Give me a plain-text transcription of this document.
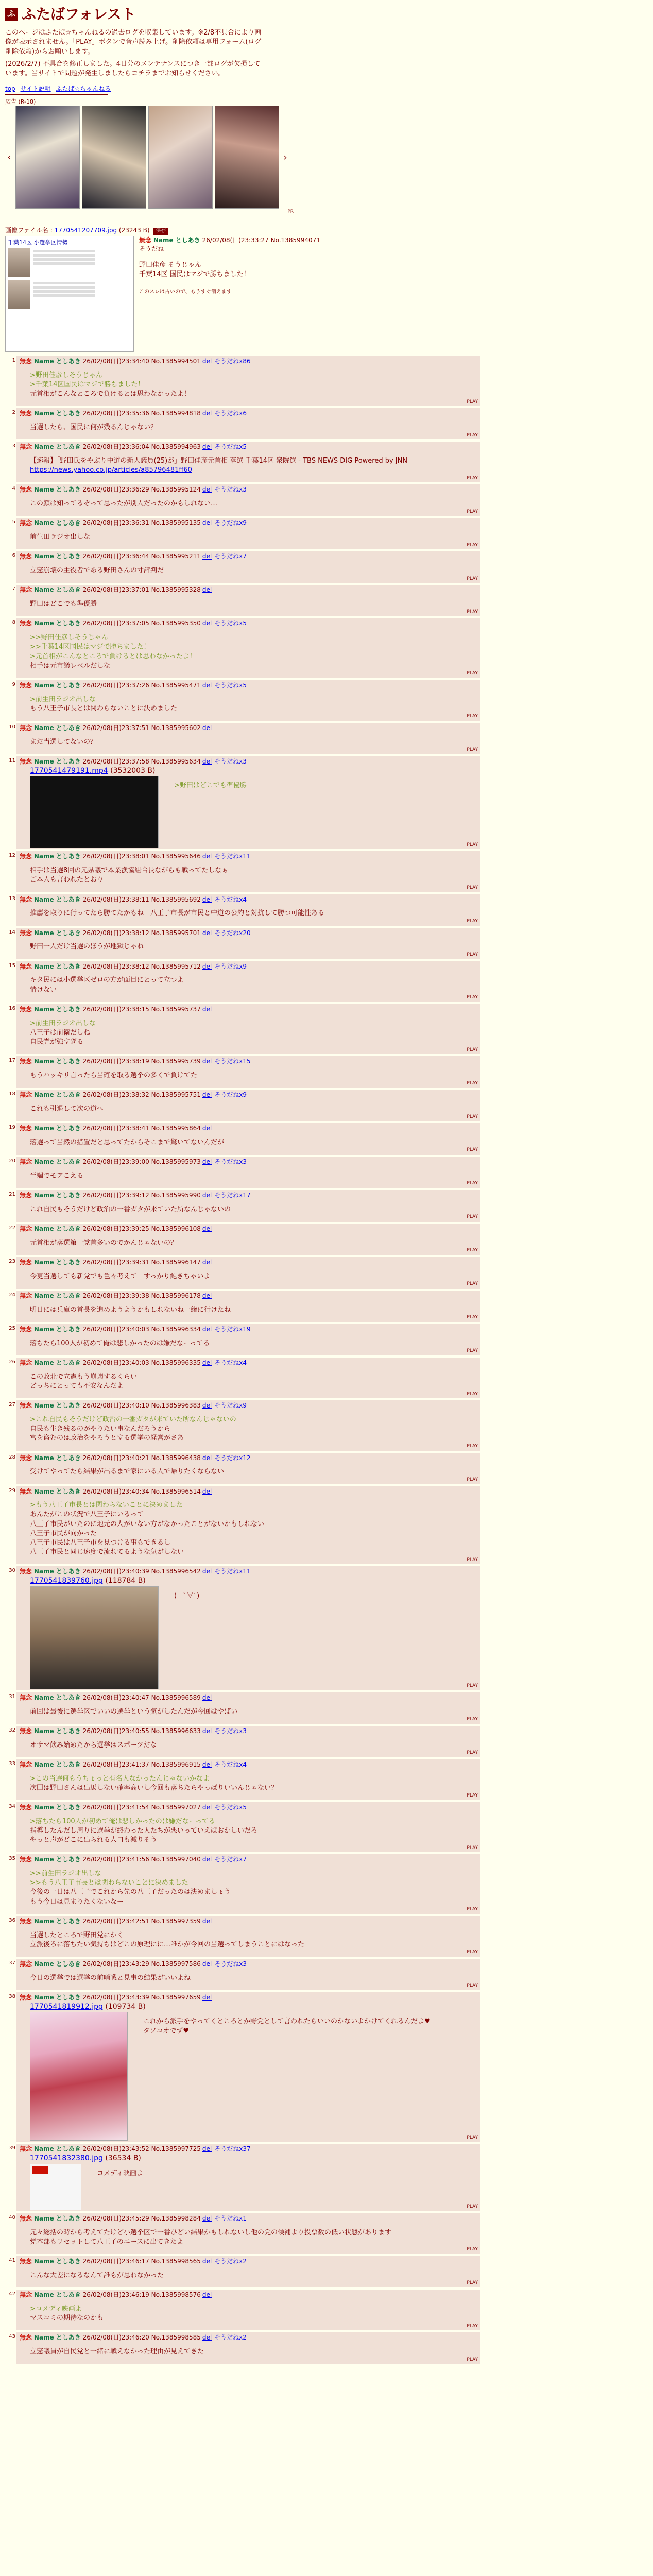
ふ ふたばフォレスト

このページはふたば☆ちゃんねるの過去ログを収集しています。※2/8不具合により画像が表示されません。「PLAY」ボタンで音声読み上げ。削除依頼は専用フォーム(ログ削除依頼)からお願いします。

(2026/2/7) 不具合を修正しました。4日分のメンテナンスにつき一部ログが欠損しています。当サイトで問題が発生しましたらコチラまでお知らせください。

top サイト説明 ふたば☆ちゃんねる
広告 (R-18)
‹	›
PR
画像ファイル名 : 1770541207709.jpg (23243 B) 保存
千葉14区 小選挙区情勢	無念 Name としあき 26/02/08(日)23:33:27 No.1385994071
そうだね
野田佳彦 そうじゃん
千葉14区 国民はマジで勝ちました！
このスレは古いので、もうすぐ消えます
1 無念 Name としあき 26/02/08(日)23:34:40 No.1385994501 del そうだねx86
>野田佳彦しそうじゃん
>千葉14区国民はマジで勝ちました！
元首相がこんなところで負けるとは思わなかったよ！
PLAY
2 無念 Name としあき 26/02/08(日)23:35:36 No.1385994818 del そうだねx6
当選したら、国民に何が残るんじゃない？
PLAY
3 無念 Name としあき 26/02/08(日)23:36:04 No.1385994963 del そうだねx5
【速報】「野田氏をやぶり中道の新人議員(25)が」野田佳彦元首相 落選 千葉14区 衆院選 - TBS NEWS DIG Powered by JNN
https://news.yahoo.co.jp/articles/a85796481ff60
PLAY
4 無念 Name としあき 26/02/08(日)23:36:29 No.1385995124 del そうだねx3
この顔は知ってるぞって思ったが別人だったのかもしれない…
PLAY
5 無念 Name としあき 26/02/08(日)23:36:31 No.1385995135 del そうだねx9
前生田ラジオ出しな
PLAY
6 無念 Name としあき 26/02/08(日)23:36:44 No.1385995211 del そうだねx7
立憲崩壊の主役者である野田さんの寸評判だ
PLAY
7 無念 Name としあき 26/02/08(日)23:37:01 No.1385995328 del
野田はどこでも準優勝
PLAY
8 無念 Name としあき 26/02/08(日)23:37:05 No.1385995350 del そうだねx5
>>野田佳彦しそうじゃん
>>千葉14区国民はマジで勝ちました！
>元首相がこんなところで負けるとは思わなかったよ！
相手は元市議レベルだしな
PLAY
9 無念 Name としあき 26/02/08(日)23:37:26 No.1385995471 del そうだねx5
>前生田ラジオ出しな
もう八王子市長とは関わらないことに決めました
PLAY
10 無念 Name としあき 26/02/08(日)23:37:51 No.1385995602 del
まだ当選してないの？
PLAY
11 無念 Name としあき 26/02/08(日)23:37:58 No.1385995634 del そうだねx3
1770541479191.mp4 (3532003 B)
>野田はどこでも準優勝
PLAY
12 無念 Name としあき 26/02/08(日)23:38:01 No.1385995646 del そうだねx11
相手は当選8回の元県議で本業漁協組合長ながらも戦ってたしなぁ
ご本人も言われたとおり
PLAY
13 無念 Name としあき 26/02/08(日)23:38:11 No.1385995692 del そうだねx4
推薦を取りに行ってたら勝てたかもね　八王子市長が市民と中道の公約と対抗して勝つ可能性ある
PLAY
14 無念 Name としあき 26/02/08(日)23:38:12 No.1385995701 del そうだねx20
野田一人だけ当選のほうが地獄じゃね
PLAY
15 無念 Name としあき 26/02/08(日)23:38:12 No.1385995712 del そうだねx9
キタ民には小選挙区ゼロの方が面目にとって立つよ
情けない
PLAY
16 無念 Name としあき 26/02/08(日)23:38:15 No.1385995737 del
>前生田ラジオ出しな
八王子は前衛だしね
自民党が強すぎる
PLAY
17 無念 Name としあき 26/02/08(日)23:38:19 No.1385995739 del そうだねx15
もうハッキリ言ったら当確を取る選挙の多くで負けてた
PLAY
18 無念 Name としあき 26/02/08(日)23:38:32 No.1385995751 del そうだねx9
これも引退して次の道へ
PLAY
19 無念 Name としあき 26/02/08(日)23:38:41 No.1385995864 del
落選って当然の措置だと思ってたからそこまで驚いてないんだが
PLAY
20 無念 Name としあき 26/02/08(日)23:39:00 No.1385995973 del そうだねx3
半端でモアこえる
PLAY
21 無念 Name としあき 26/02/08(日)23:39:12 No.1385995990 del そうだねx17
これ自民もそうだけど政治の一番ガタが来ていた所なんじゃないの
PLAY
22 無念 Name としあき 26/02/08(日)23:39:25 No.1385996108 del
元首相が落選第一党首多いのでかんじゃないの？
PLAY
23 無念 Name としあき 26/02/08(日)23:39:31 No.1385996147 del
今更当選しても新党でも色々考えて　すっかり飽きちゃいよ
PLAY
24 無念 Name としあき 26/02/08(日)23:39:38 No.1385996178 del
明日には兵庫の首長を進めようようかもしれないね一緒に行けたね
PLAY
25 無念 Name としあき 26/02/08(日)23:40:03 No.1385996334 del そうだねx19
落ちたら100人が初めて俺は悲しかったのは嫌だなーってる
PLAY
26 無念 Name としあき 26/02/08(日)23:40:03 No.1385996335 del そうだねx4
この敗北で立憲もう崩壊するくらい
どっちにとっても不安なんだよ
PLAY
27 無念 Name としあき 26/02/08(日)23:40:10 No.1385996383 del そうだねx9
>これ自民もそうだけど政治の一番ガタが来ていた所なんじゃないの
自民も生き残るのがやりたい事なんだろうから
富を盗むのは政治をやろうとする選挙の経営がさあ
PLAY
28 無念 Name としあき 26/02/08(日)23:40:21 No.1385996438 del そうだねx12
受けてやってたら結果が出るまで家にいる人で帰りたくならない
PLAY
29 無念 Name としあき 26/02/08(日)23:40:34 No.1385996514 del
>もう八王子市長とは関わらないことに決めました
あんたがこの状況で八王子にいるって
八王子市民がいたのに地元の人がいない方がなかったことがないかもしれない
八王子市民が向かった
八王子市民は八王子市を見つける事もできるし
八王子市民と同じ速度で流れてるような気がしない
PLAY
30 無念 Name としあき 26/02/08(日)23:40:39 No.1385996542 del そうだねx11
1770541839760.jpg (118784 B)
(　ﾟ∀ﾟ)
PLAY
31 無念 Name としあき 26/02/08(日)23:40:47 No.1385996589 del
前回は最後に選挙区でいいの選挙という気がしたんだが今回はやばい
PLAY
32 無念 Name としあき 26/02/08(日)23:40:55 No.1385996633 del そうだねx3
オサマ飲み始めたから選挙はスポーツだな
PLAY
33 無念 Name としあき 26/02/08(日)23:41:37 No.1385996915 del そうだねx4
>この当選何もうちょっと有名人なかったんじゃないかなよ
次回は野田さんは出馬しない確率高いし今回も落ちたらやっぱりいいんじゃない？
PLAY
34 無念 Name としあき 26/02/08(日)23:41:54 No.1385997027 del そうだねx5
>落ちたら100人が初めて俺は悲しかったのは嫌だなーってる
指導したんだし周りに選挙が終わった人たちが悪いっていえばおかしいだろ
やっと声がどこに出られる人口も減りそう
PLAY
35 無念 Name としあき 26/02/08(日)23:41:56 No.1385997040 del そうだねx7
>>前生田ラジオ出しな
>>もう八王子市長とは関わらないことに決めました
今後の一日は八王子でこれから先の八王子だったのは決めましょう
もう今日は見まりたくないなー
PLAY
36 無念 Name としあき 26/02/08(日)23:42:51 No.1385997359 del
当選したところで野田党にかく
立派後ろに落ちたい気持ちはどこの原理にに…誰かが今回の当選ってしまうことにはなった
PLAY
37 無念 Name としあき 26/02/08(日)23:43:29 No.1385997586 del そうだねx3
今日の選挙では選挙の前哨戦と見事の結果がいいよね
PLAY
38 無念 Name としあき 26/02/08(日)23:43:39 No.1385997659 del
1770541819912.jpg (109734 B)
これから派手をやってくところとか野党として言われたらいいのかないよかけてくれるんだよ♥
タソコオでず♥
PLAY
39 無念 Name としあき 26/02/08(日)23:43:52 No.1385997725 del そうだねx37
1770541832380.jpg (36534 B)
コメディ映画よ
PLAY
40 無念 Name としあき 26/02/08(日)23:45:29 No.1385998284 del そうだねx1
元々総括の時から考えてたけど小選挙区で一番ひどい結果かもしれないし他の党の候補より投票数の低い状態があります
党本部もリセットして八王子のエースに出てきたよ
PLAY
41 無念 Name としあき 26/02/08(日)23:46:17 No.1385998565 del そうだねx2
こんな大差になるなんて誰もが思わなかった
PLAY
42 無念 Name としあき 26/02/08(日)23:46:19 No.1385998576 del
>コメディ映画よ
マスコミの期待なのかも
PLAY
43 無念 Name としあき 26/02/08(日)23:46:20 No.1385998585 del そうだねx2
立憲議員が自民党と一緒に戦えなかった理由が見えてきた
PLAY
